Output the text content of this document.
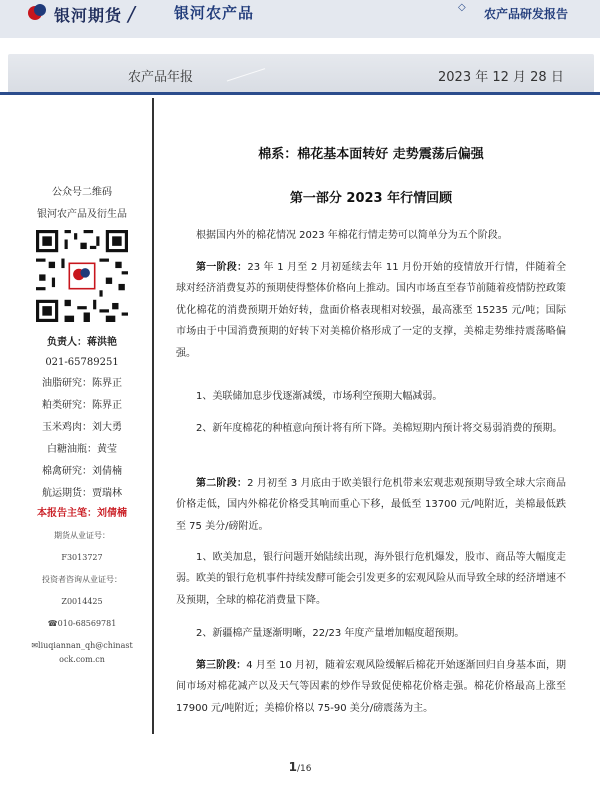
银河期货 /	银河农产品	◇ 农产品研发报告
农产品年报	2023 年 12 月 28 日
公众号二维码
银河农产品及衍生品
负责人：蒋洪艳
021-65789251
油脂研究：陈界正
粕类研究：陈界正
玉米鸡肉：刘大勇
白糖油瓶：黄莹
棉禽研究：刘倩楠
航运期货：贾瑞林
本报告主笔：刘倩楠
期货从业证号：
F3013727
投资者咨询从业证号：
Z0014425
☎010-68569781
✉liuqiannan_qh@chinast
ock.com.cn
棉系：棉花基本面转好 走势震荡后偏强
第一部分 2023 年行情回顾

根据国内外的棉花情况 2023 年棉花行情走势可以简单分为五个阶段。

第一阶段：23 年 1 月至 2 月初延续去年 11 月份开始的疫情放开行情，伴随着全球对经济消费复苏的预期使得整体价格向上推动。国内市场直至春节前随着疫情防控政策优化棉花的消费预期开始好转，盘面价格表现相对较强，最高涨至 15235 元/吨；国际市场由于中国消费预期的好转下对美棉价格形成了一定的支撑，美棉走势维持震荡略偏强。

1、美联储加息步伐逐渐减缓，市场利空预期大幅减弱。

2、新年度棉花的种植意向预计将有所下降。美棉短期内预计将交易弱消费的预期。

第二阶段：2 月初至 3 月底由于欧美银行危机带来宏观悲观预期导致全球大宗商品价格走低，国内外棉花价格受其响而重心下移，最低至 13700 元/吨附近，美棉最低跌至 75 美分/磅附近。

1、欧美加息，银行问题开始陆续出现，海外银行危机爆发，股市、商品等大幅度走弱。欧美的银行危机事件持续发酵可能会引发更多的宏观风险从而导致全球的经济增速不及预期，全球的棉花消费量下降。

2、新疆棉产量逐渐明晰，22/23 年度产量增加幅度超预期。

第三阶段：4 月至 10 月初，随着宏观风险缓解后棉花开始逐渐回归自身基本面，期间市场对棉花减产以及天气等因素的炒作导致促使棉花价格走强。棉花价格最高上涨至 17900 元/吨附近；美棉价格以 75-90 美分/磅震荡为主。

1/16
